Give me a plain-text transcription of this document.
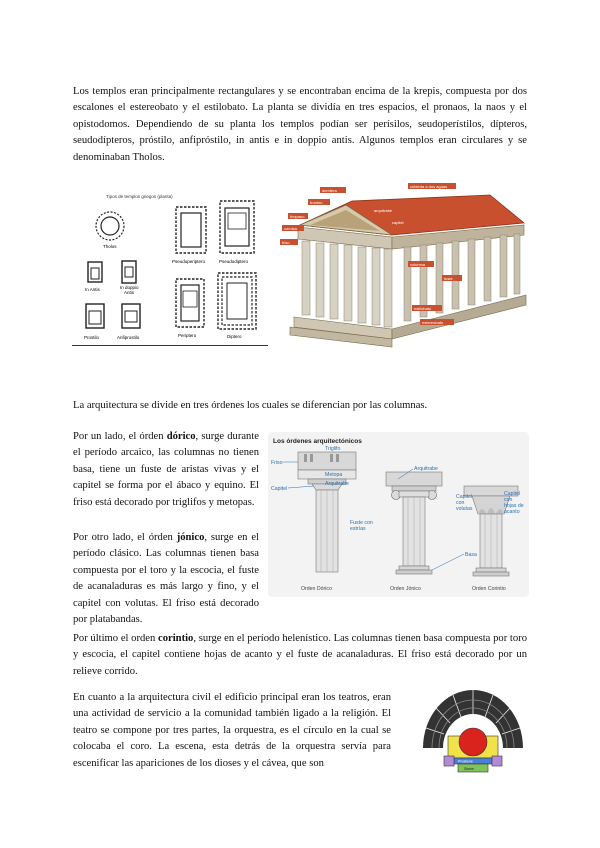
Los templos eran principalmente rectangulares y se encontraban encima de la krepis, compuesta por dos escalones el estereobato y el estilobato. La planta se dividía en tres espacios, el pronaos, la naos y el opistodomos. Dependiendo de su planta los templos podían ser perísilos, seudoperístilos, dípteros, seudodípteros, próstilo, anfipróstilo, in antis e in doppio antis. Algunos templos eran circulares y se denominaban Tholos.

Tipos de templos griegos (planta)
Tholos
In Antis	In doppio
Antis
Prostilo	Anfiprostilo
Pseudoperiptero	Pseudodiptero
Periptero	Diptero
acrótera
frontón
tímpano
cornisa
friso
arquitrabe
capitel
columna
fuste
estilobato
estereobato
cubierta a dos aguas

La arquitectura se divide en tres órdenes los cuales se diferencian por las columnas.

Por un lado, el órden dórico, surge durante el período arcaico, las columnas no tienen basa, tiene un fuste de aristas vivas y el capitel se forma por el ábaco y equino. El friso está decorado por triglifos y metopas.

Por otro lado, el órden jónico, surge en el período clásico. Las columnas tienen basa compuesta por el toro y la escocia, el fuste de acanaladuras es más largo y fino, y el capitel con volutas. El friso está decorado por platabandas.

Los órdenes arquitectónicos
Triglifo
Friso
Capitel
Metopa
Arquitrabe
Arquitrabe
Capitel
con
volutas
Capitel
con
hojas de
acanto
Fuste con
estrías
Basa
Orden Dórico	Orden Jónico	Orden Corintio

Por último el orden corintio, surge en el período helenístico. Las columnas tienen basa compuesta por toro y escocia, el capitel contiene hojas de acanto y el fuste de acanaladuras. El friso está decorado por un relieve corrido.

En cuanto a la arquitectura civil el edificio principal eran los teatros, eran una actividad de servicio a la comunidad también ligado a la religión. El teatro se compone por tres partes, la orquestra, es el círculo en la cual se colocaba el coro. La escena, esta detrás de la orquestra servía para escenificar las apariciones de los dioses y el cávea, que son	Proskene
Skene
